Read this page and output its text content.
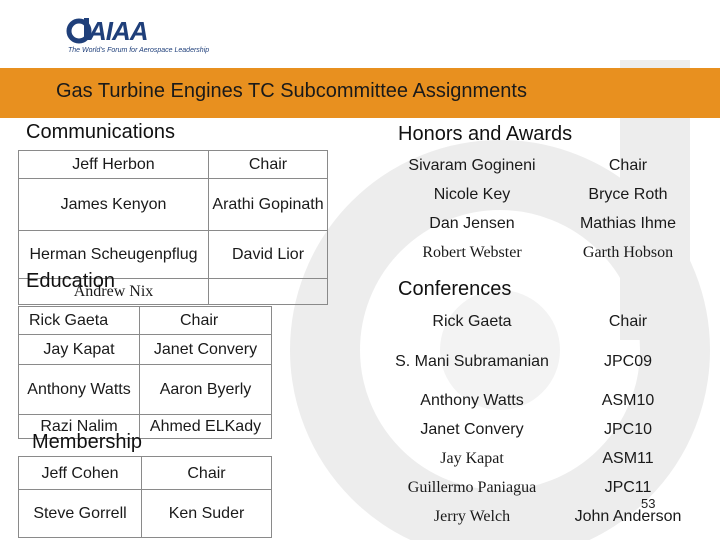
AIAA
The World's Forum for Aerospace Leadership
Gas Turbine Engines TC Subcommittee Assignments
Communications
Jeff Herbon	Chair
James Kenyon	Arathi Gopinath
Herman Scheugenpflug	David Lior
Andrew Nix	
Education
Rick Gaeta	Chair
Jay Kapat	Janet Convery
Anthony Watts	Aaron Byerly
Razi Nalim	Ahmed ELKady
Membership
Jeff Cohen	Chair
Steve Gorrell	Ken Suder
Honors and Awards
Sivaram Gogineni	Chair
Nicole Key	Bryce Roth
Dan Jensen	Mathias Ihme
Robert Webster	Garth Hobson
Conferences
Rick Gaeta	Chair
S. Mani Subramanian	JPC09
Anthony Watts	ASM10
Janet Convery	JPC10
Jay Kapat	ASM11
Guillermo Paniagua	JPC11
Jerry Welch	John Anderson
53
